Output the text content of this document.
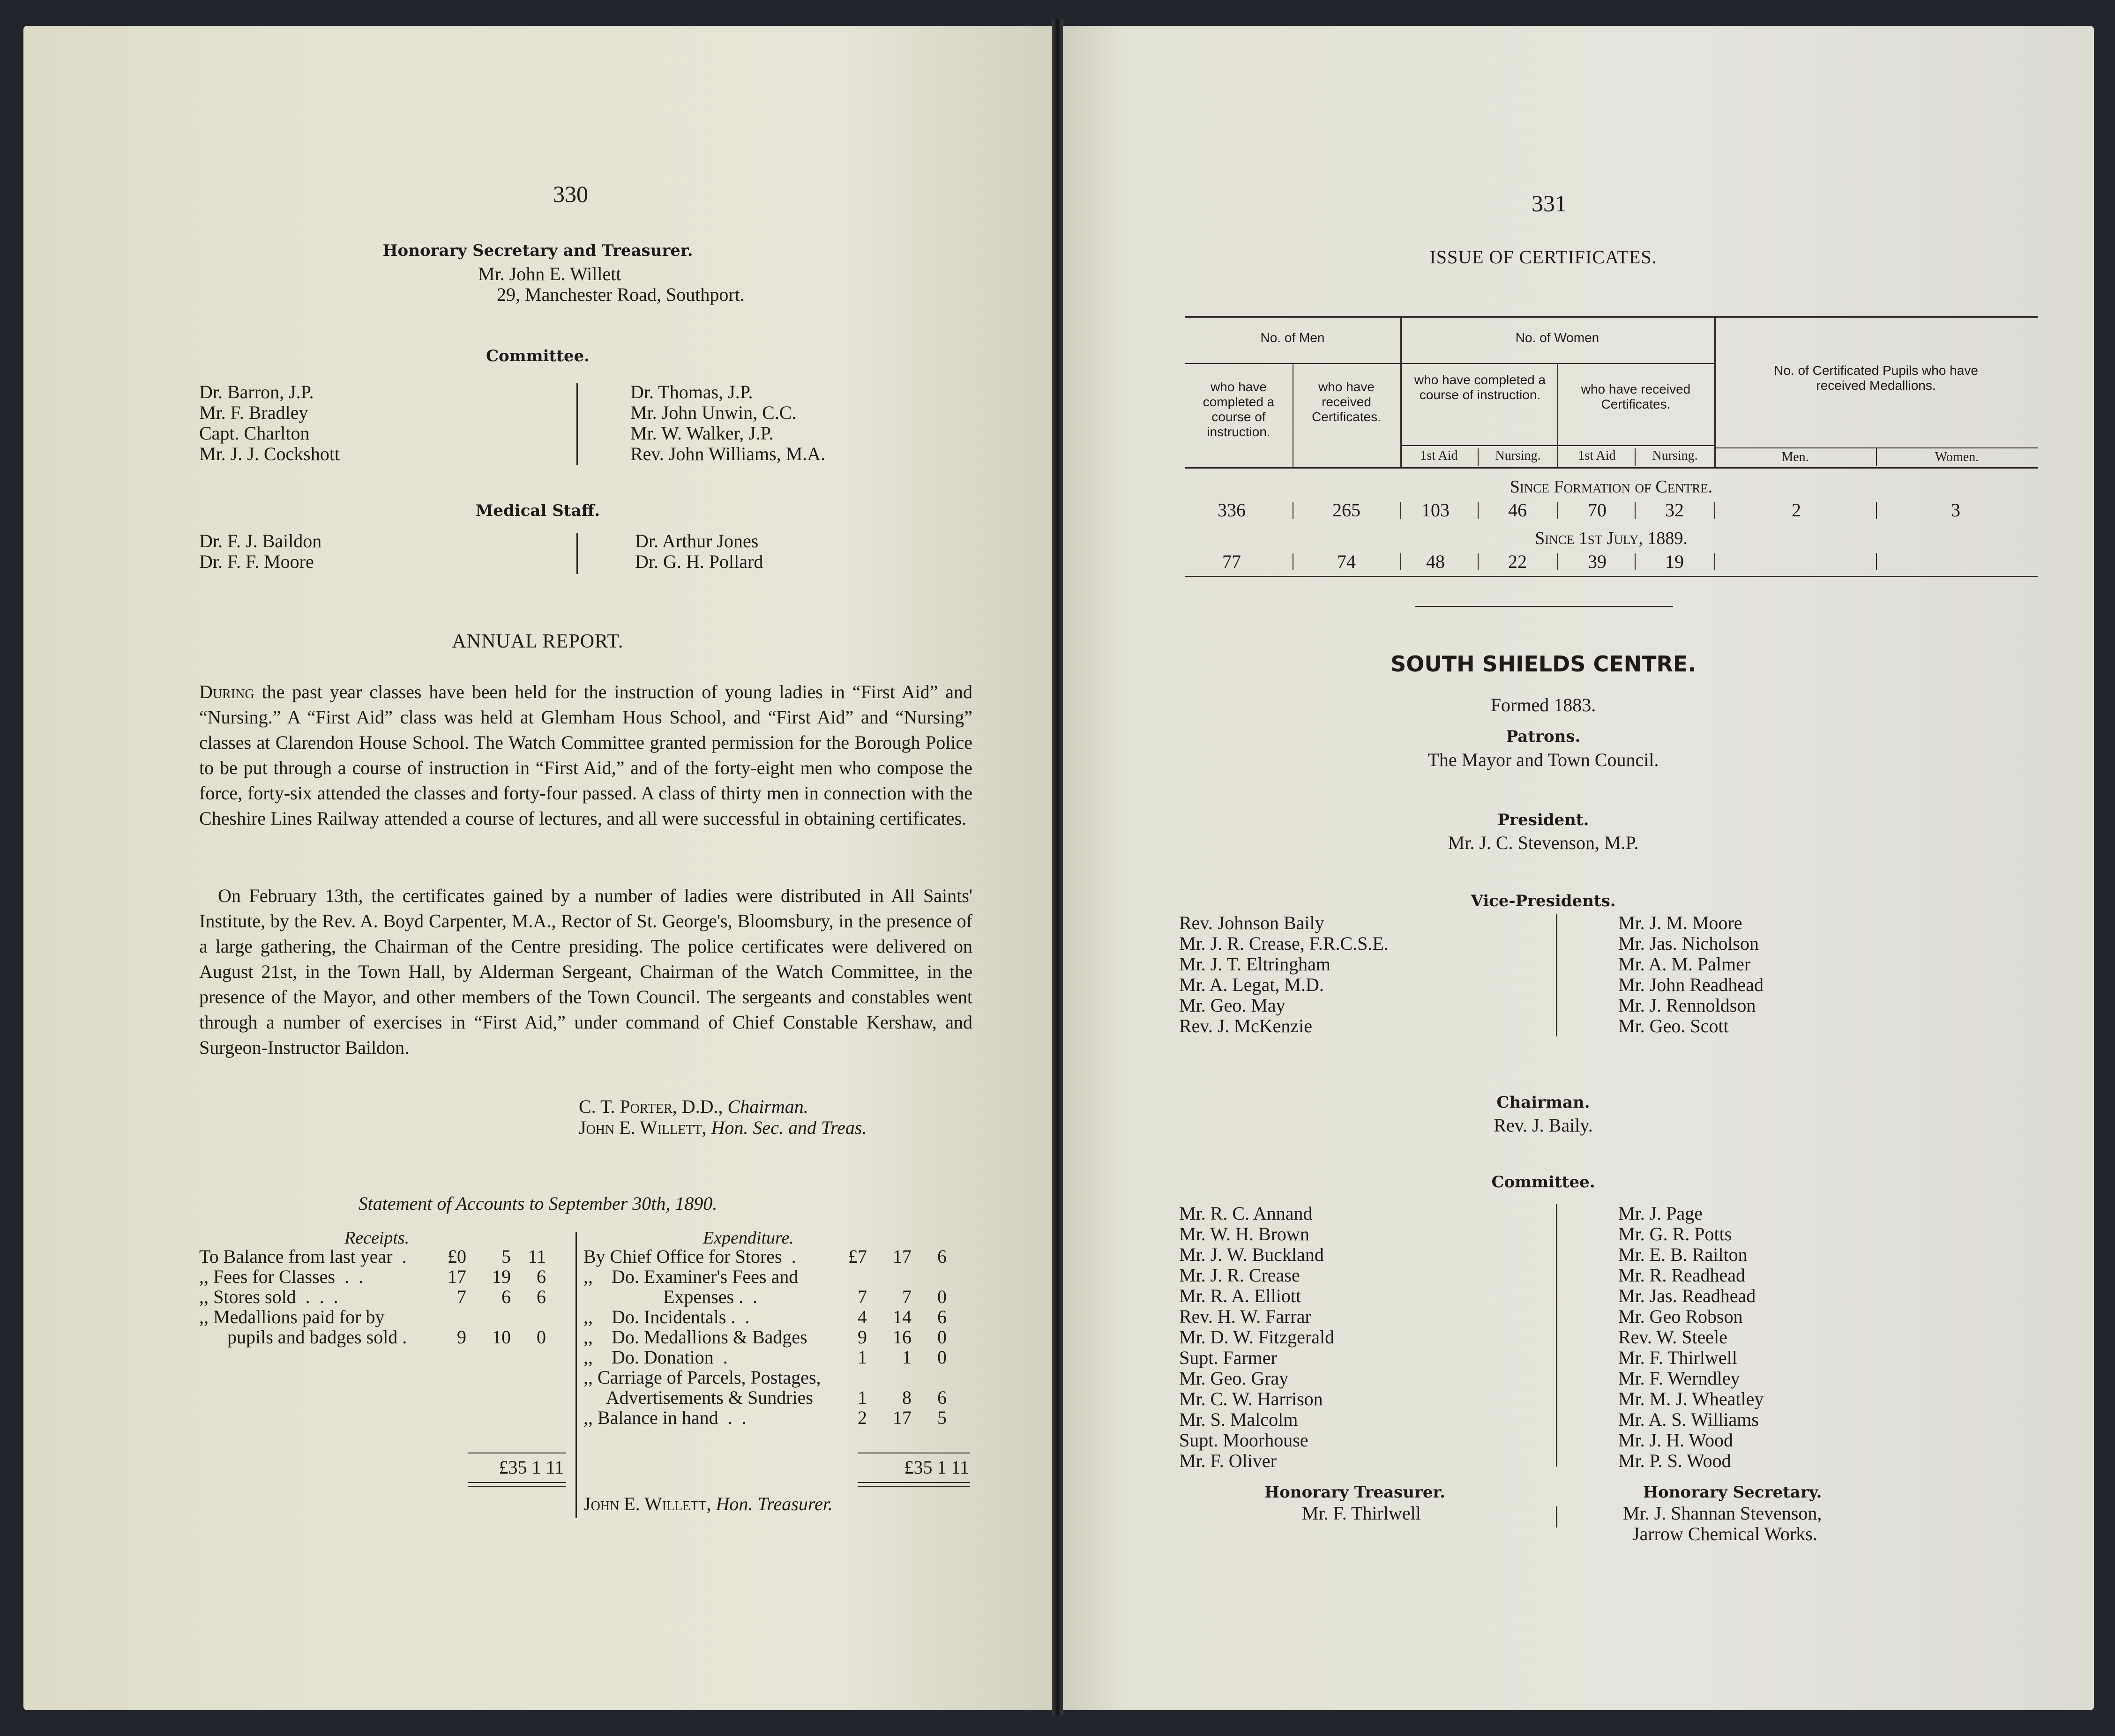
330
Honorary Secretary and Treasurer.
Mr. John E. Willett
29, Manchester Road, Southport.
Committee.
Dr. Barron, J.P.
Mr. F. Bradley
Capt. Charlton
Mr. J. J. Cockshott
Dr. Thomas, J.P.
Mr. John Unwin, C.C.
Mr. W. Walker, J.P.
Rev. John Williams, M.A.
Medical Staff.
Dr. F. J. Baildon
Dr. F. F. Moore
Dr. Arthur Jones
Dr. G. H. Pollard
ANNUAL REPORT.
During the past year classes have been held for the instruction of young ladies in “First Aid” and “Nursing.” A “First Aid” class was held at Glemham Hous School, and “First Aid” and “Nursing” classes at Clarendon House School. The Watch Committee granted permission for the Borough Police to be put through a course of instruction in “First Aid,” and of the forty-eight men who compose the force, forty-six attended the classes and forty-four passed. A class of thirty men in connection with the Cheshire Lines Railway attended a course of lectures, and all were successful in obtaining certificates.
On February 13th, the certificates gained by a number of ladies were distributed in All Saints' Institute, by the Rev. A. Boyd Carpenter, M.A., Rector of St. George's, Bloomsbury, in the presence of a large gathering, the Chairman of the Centre presiding. The police certificates were delivered on August 21st, in the Town Hall, by Alderman Sergeant, Chairman of the Watch Committee, in the presence of the Mayor, and other members of the Town Council. The sergeants and constables went through a number of exercises in “First Aid,” under command of Chief Constable Kershaw, and Surgeon-Instructor Baildon.
C. T. Porter, D.D., Chairman.
John E. Willett, Hon. Sec. and Treas.
Statement of Accounts to September 30th, 1890.
Receipts.	Expenditure.
To Balance from last year  .	£0	5 11
,, Fees for Classes  .  .	17	19	6
,, Stores sold  .  .  .	7	6	6
,, Medallions paid for by
pupils and badges sold .	9	10	0
By Chief Office for Stores  .	£7	17	6
,,    Do. Examiner's Fees and
Expenses .  .	7	7	0
,,    Do. Incidentals .  .	4	14	6
,,    Do. Medallions & Badges	9	16	0
,,    Do. Donation  .	1	1	0
,, Carriage of Parcels, Postages,
Advertisements & Sundries	1	8	6
,, Balance in hand  .  .	2	17	5
£35 1 11	£35 1 11
John E. Willett, Hon. Treasurer.
331
ISSUE OF CERTIFICATES.
No. of Men	No. of Women
who have completed a course of instruction.
who have received Certificates.
who have completed a course of instruction.	who have received Certificates.
No. of Certificated Pupils who have received Medallions.
1st Aid	Nursing.	1st Aid	Nursing.	Men.	Women.
Since Formation of Centre.
336	265	103	46	70	32	2	3
Since 1st July, 1889.
77	74	48	22	39	19
SOUTH SHIELDS CENTRE.
Formed 1883.
Patrons.
The Mayor and Town Council.
President.
Mr. J. C. Stevenson, M.P.
Vice-Presidents.
Rev. Johnson Baily
Mr. J. R. Crease, F.R.C.S.E.
Mr. J. T. Eltringham
Mr. A. Legat, M.D.
Mr. Geo. May
Rev. J. McKenzie
Mr. J. M. Moore
Mr. Jas. Nicholson
Mr. A. M. Palmer
Mr. John Readhead
Mr. J. Rennoldson
Mr. Geo. Scott
Chairman.
Rev. J. Baily.
Committee.
Mr. R. C. Annand
Mr. W. H. Brown
Mr. J. W. Buckland
Mr. J. R. Crease
Mr. R. A. Elliott
Rev. H. W. Farrar
Mr. D. W. Fitzgerald
Supt. Farmer
Mr. Geo. Gray
Mr. C. W. Harrison
Mr. S. Malcolm
Supt. Moorhouse
Mr. F. Oliver
Mr. J. Page
Mr. G. R. Potts
Mr. E. B. Railton
Mr. R. Readhead
Mr. Jas. Readhead
Mr. Geo Robson
Rev. W. Steele
Mr. F. Thirlwell
Mr. F. Werndley
Mr. M. J. Wheatley
Mr. A. S. Williams
Mr. J. H. Wood
Mr. P. S. Wood
Honorary Treasurer.
Mr. F. Thirlwell
Honorary Secretary.
Mr. J. Shannan Stevenson,
Jarrow Chemical Works.
